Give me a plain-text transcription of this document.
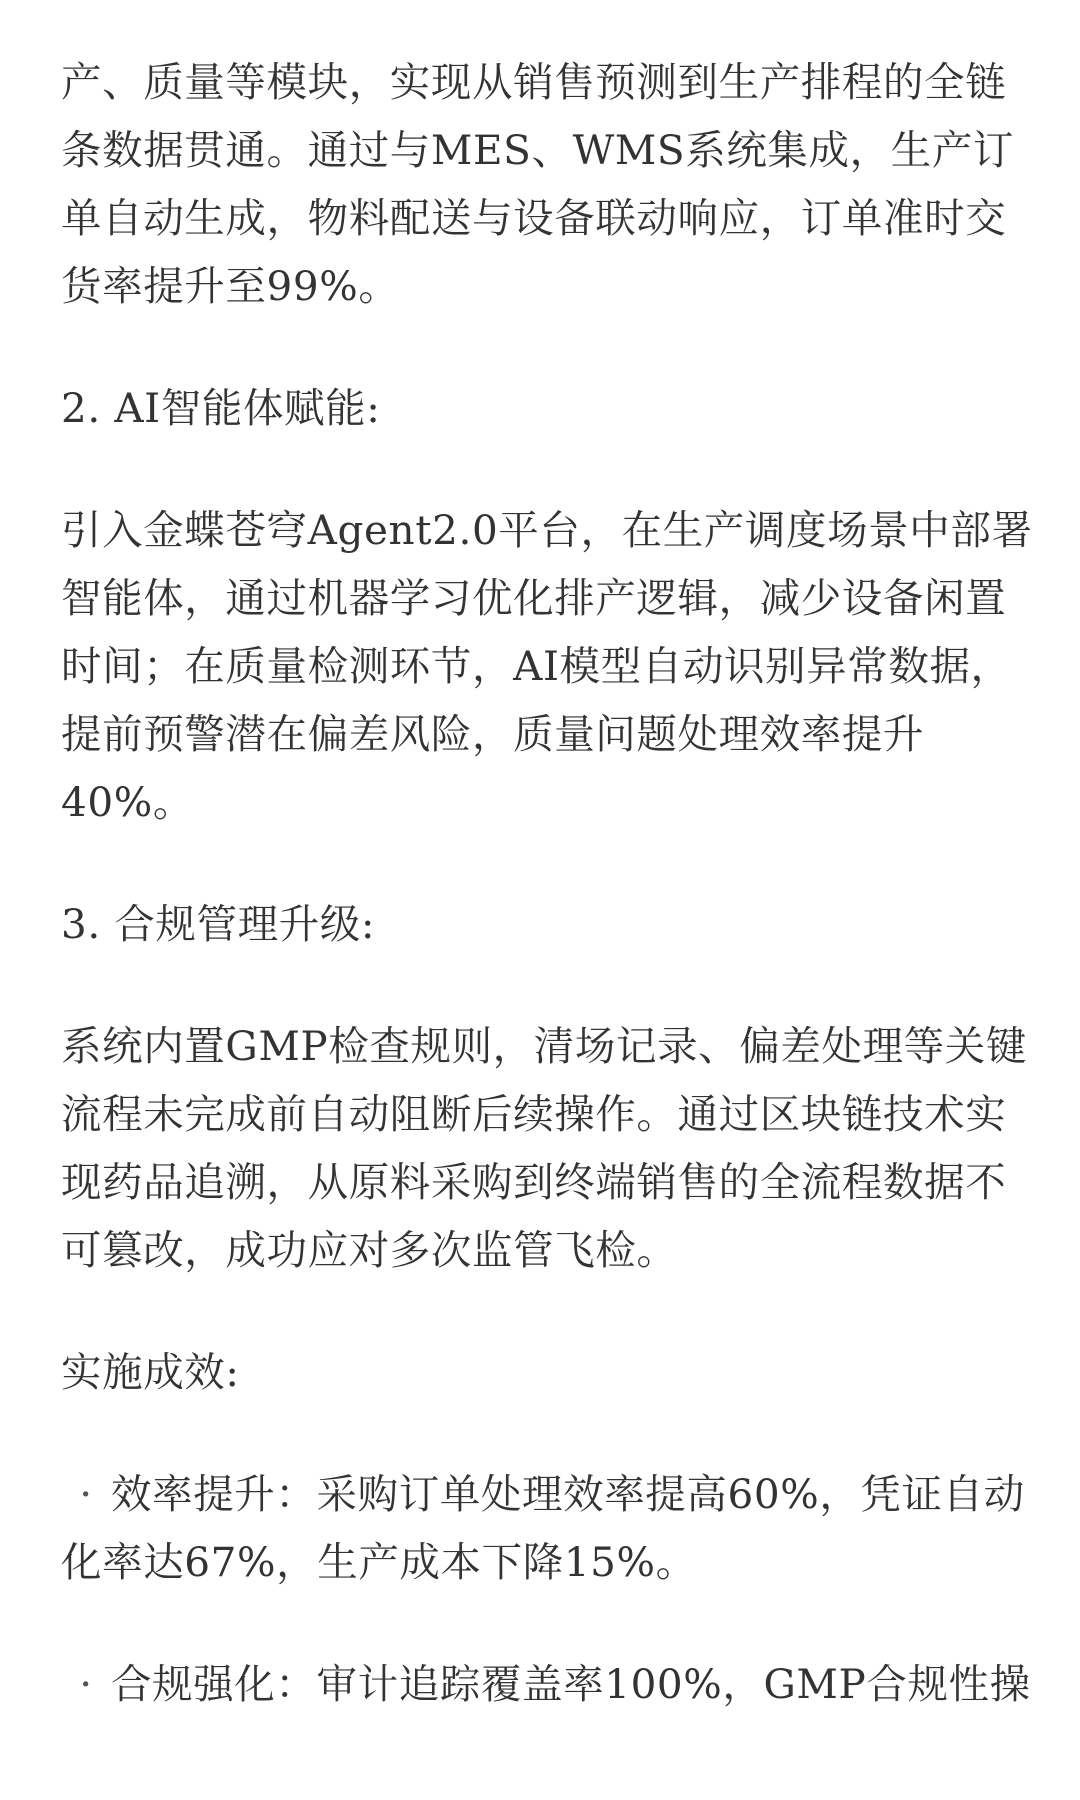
产、质量等模块，实现从销售预测到生产排程的全链
条数据贯通。通过与MES、WMS系统集成，生产订
单自动生成，物料配送与设备联动响应，订单准时交
货率提升至99%。
2. AI智能体赋能:
引入金蝶苍穹Agent2.0平台，在生产调度场景中部署
智能体，通过机器学习优化排产逻辑，减少设备闲置
时间；在质量检测环节，AI模型自动识别异常数据，
提前预警潜在偏差风险，质量问题处理效率提升
40%。
3. 合规管理升级:
系统内置GMP检查规则，清场记录、偏差处理等关键
流程未完成前自动阻断后续操作。通过区块链技术实
现药品追溯，从原料采购到终端销售的全流程数据不
可篡改，成功应对多次监管飞检。
实施成效:
· 效率提升：采购订单处理效率提高60%，凭证自动
化率达67%，生产成本下降15%。
· 合规强化：审计追踪覆盖率100%，GMP合规性操
